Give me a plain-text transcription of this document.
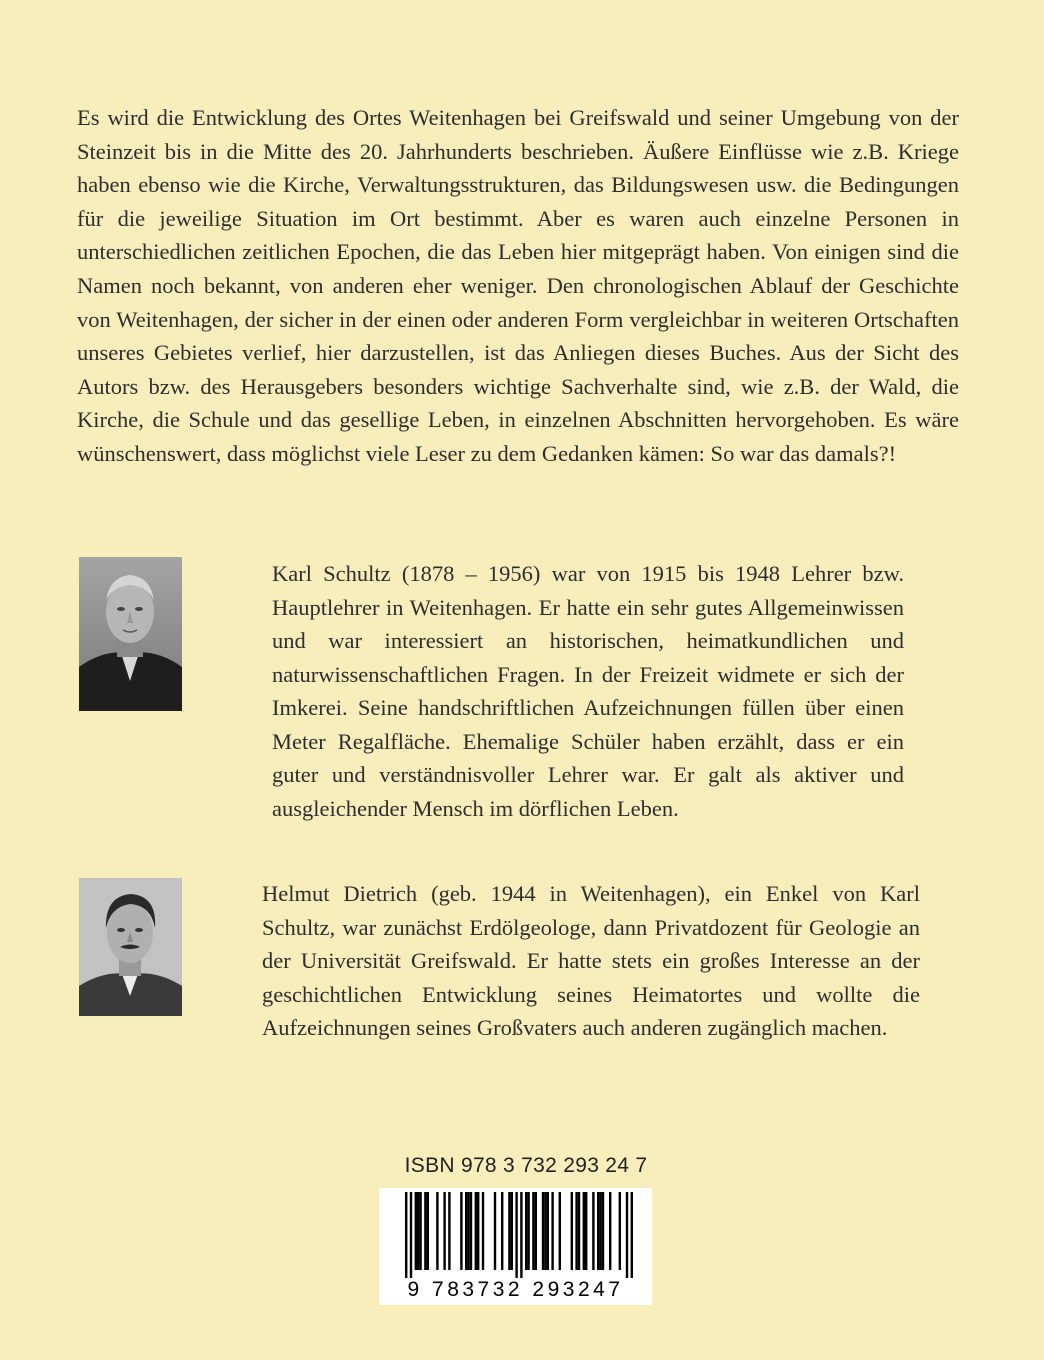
Es wird die Entwicklung des Ortes Weitenhagen bei Greifswald und seiner Umgebung von der Steinzeit bis in die Mitte des 20. Jahrhunderts beschrieben. Äußere Einflüsse wie z.B. Kriege haben ebenso wie die Kirche, Verwaltungsstrukturen, das Bildungswesen usw. die Bedingungen für die jeweilige Situation im Ort bestimmt. Aber es waren auch einzelne Personen in unterschiedlichen zeitlichen Epochen, die das Leben hier mitgeprägt haben. Von einigen sind die Namen noch bekannt, von anderen eher weniger. Den chronologischen Ablauf der Geschichte von Weitenhagen, der sicher in der einen oder anderen Form vergleichbar in weiteren Ortschaften unseres Gebietes verlief, hier darzustellen, ist das Anliegen dieses Buches. Aus der Sicht des Autors bzw. des Herausgebers besonders wichtige Sachverhalte sind, wie z.B. der Wald, die Kirche, die Schule und das gesellige Leben, in einzelnen Abschnitten hervorgehoben. Es wäre wünschenswert, dass möglichst viele Leser zu dem Gedanken kämen: So war das damals?!

Karl Schultz (1878 – 1956) war von 1915 bis 1948 Lehrer bzw. Hauptlehrer in Weitenhagen. Er hatte ein sehr gutes Allgemeinwissen und war interessiert an historischen, heimatkundlichen und naturwissenschaftlichen Fragen. In der Freizeit widmete er sich der Imkerei. Seine handschriftlichen Aufzeichnungen füllen über einen Meter Regalfläche. Ehemalige Schüler haben erzählt, dass er ein guter und verständnisvoller Lehrer war. Er galt als aktiver und ausgleichender Mensch im dörflichen Leben.

Helmut Dietrich (geb. 1944 in Weitenhagen), ein Enkel von Karl Schultz, war zunächst Erdölgeologe, dann Privatdozent für Geologie an der Universität Greifswald. Er hatte stets ein großes Interesse an der geschichtlichen Entwicklung seines Heimatortes und wollte die Aufzeichnungen seines Großvaters auch anderen zugänglich machen.

ISBN 978 3 732 293 24 7
9 783732 293247
